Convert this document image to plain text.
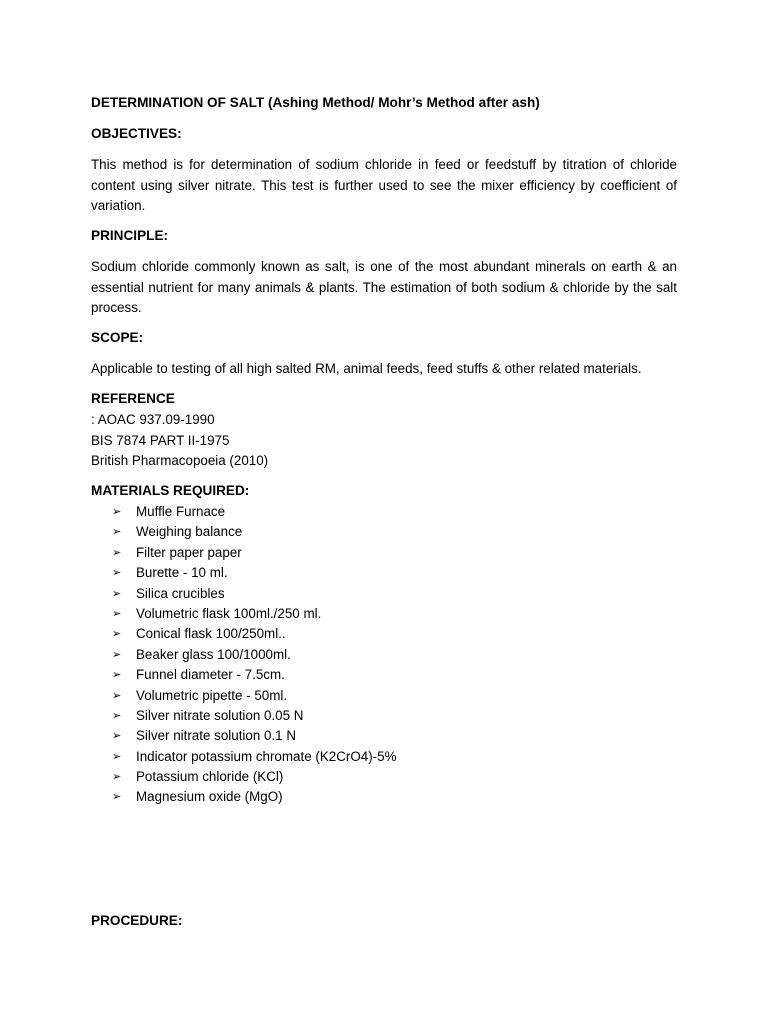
DETERMINATION OF SALT (Ashing Method/ Mohr’s Method after ash)
OBJECTIVES:
This method is for determination of sodium chloride in feed or feedstuff by titration of chloride content using silver nitrate. This test is further used to see the mixer efficiency by coefficient of variation.
PRINCIPLE:
Sodium chloride commonly known as salt, is one of the most abundant minerals on earth & an essential nutrient for many animals & plants. The estimation of both sodium & chloride by the salt process.
SCOPE:
Applicable to testing of all high salted RM, animal feeds, feed stuffs & other related materials.
REFERENCE
: AOAC 937.09-1990
BIS 7874 PART II-1975
British Pharmacopoeia (2010)
MATERIALS REQUIRED:
➢	Muffle Furnace
➢	Weighing balance
➢	Filter paper paper
➢	Burette - 10 ml.
➢	Silica crucibles
➢	Volumetric flask 100ml./250 ml.
➢	Conical flask 100/250ml..
➢	Beaker glass 100/1000ml.
➢	Funnel diameter - 7.5cm.
➢	Volumetric pipette - 50ml.
➢	Silver nitrate solution 0.05 N
➢	Silver nitrate solution 0.1 N
➢	Indicator potassium chromate (K2CrO4)-5%
➢	Potassium chloride (KCl)
➢	Magnesium oxide (MgO)
PROCEDURE:
